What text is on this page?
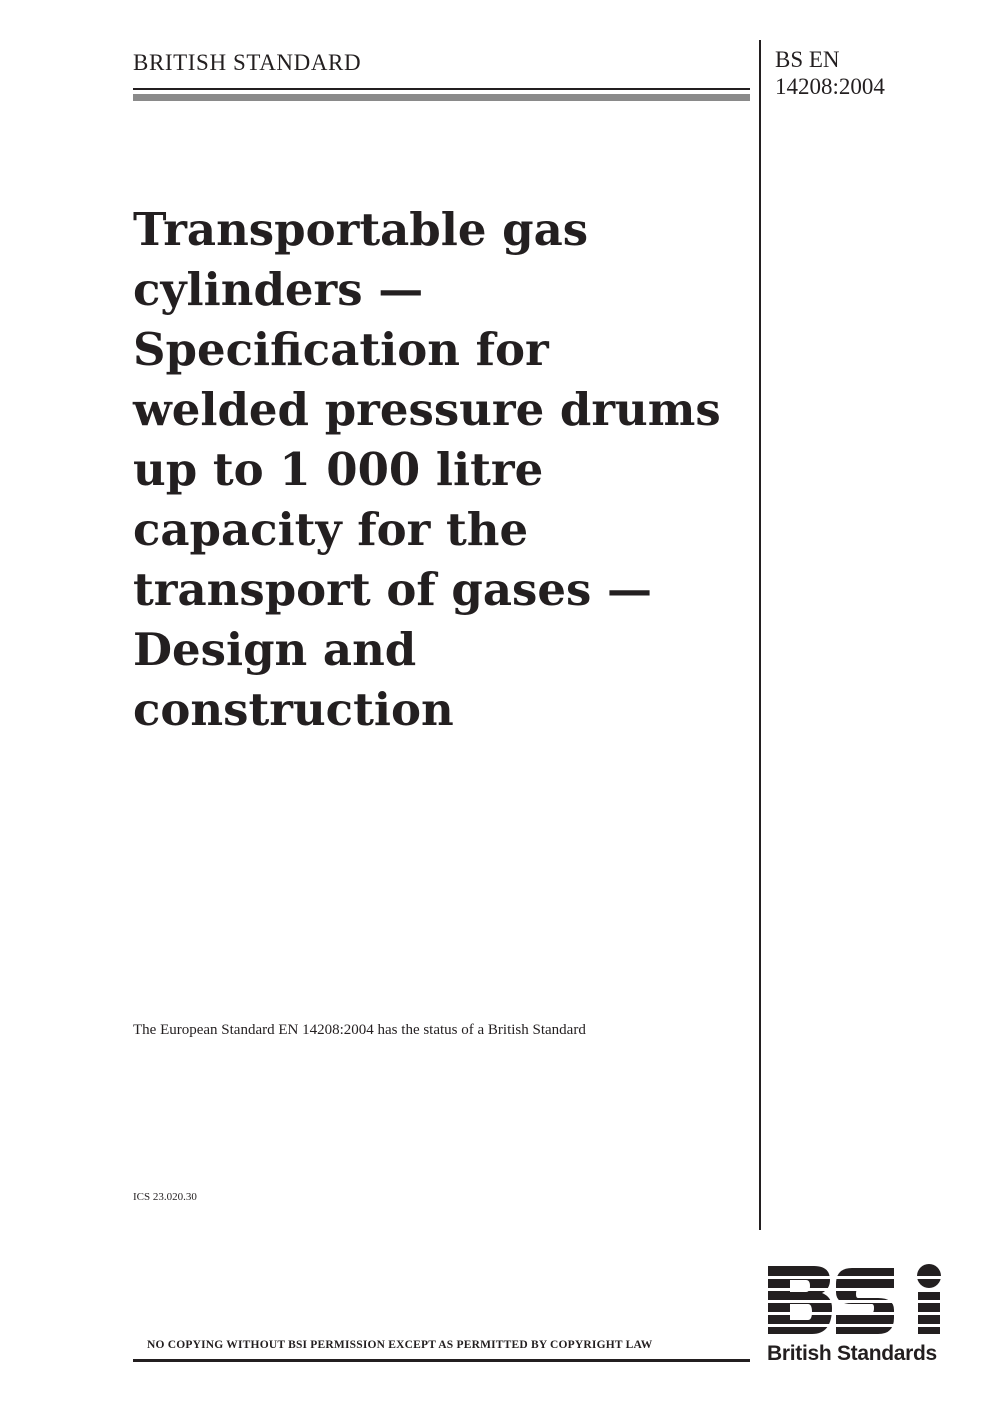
BRITISH STANDARD	BS EN
14208:2004
Transportable gas
cylinders —
Specification for
welded pressure drums
up to 1 000 litre
capacity for the
transport of gases —
Design and
construction
The European Standard EN 14208:2004 has the status of a British Standard
ICS 23.020.30
NO COPYING WITHOUT BSI PERMISSION EXCEPT AS PERMITTED BY COPYRIGHT LAW	British Standards
